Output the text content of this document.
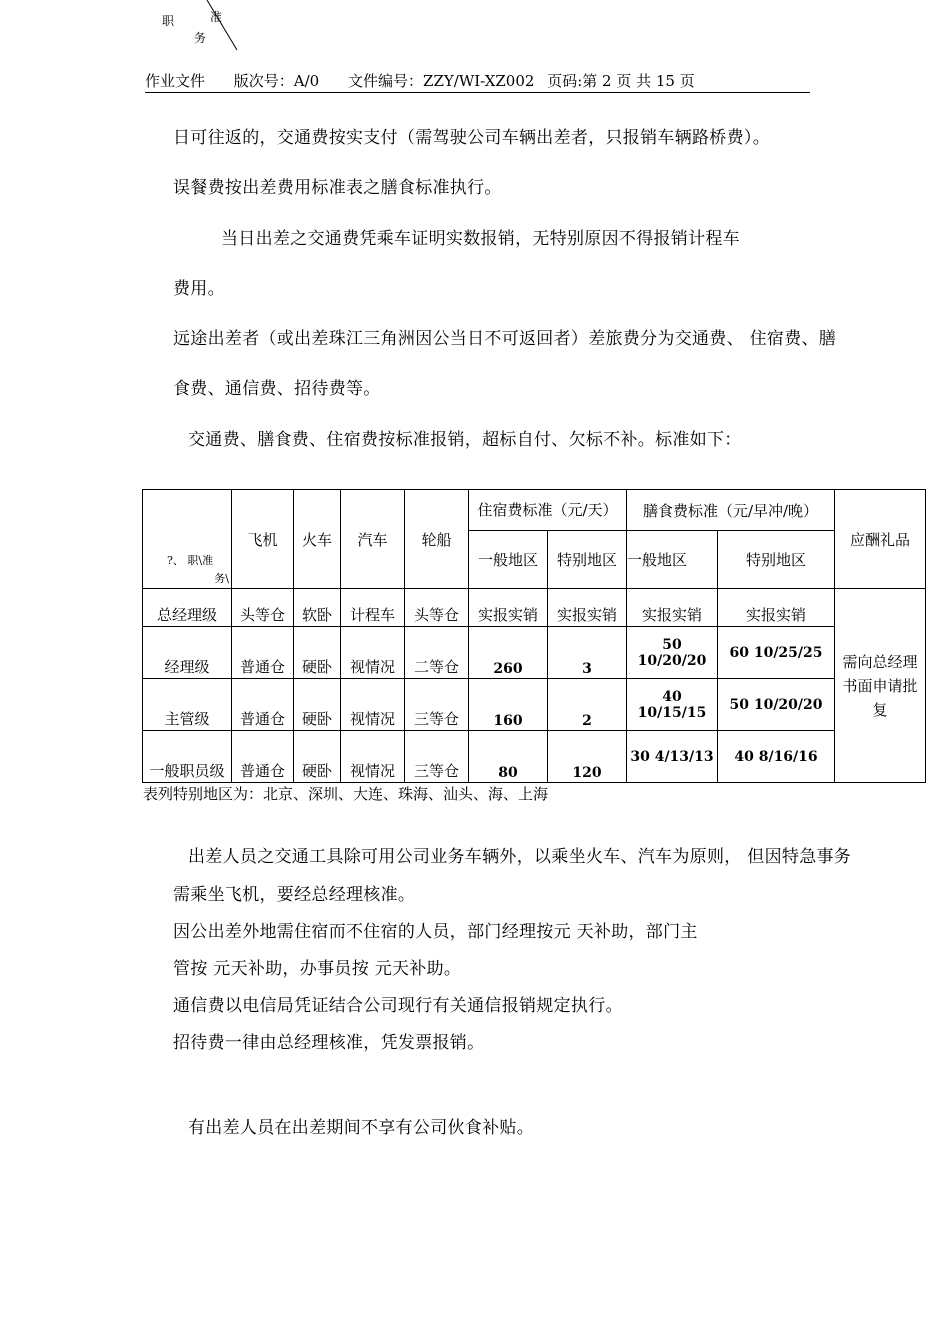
职	准
务
作业文件 版次号：A/0 文件编号：ZZY/WI-XZ002 页码:第 2 页 共 15 页
日可往返的，交通费按实支付（需驾驶公司车辆出差者，只报销车辆路桥费）。
误餐费按出差费用标准表之膳食标准执行。
当日出差之交通费凭乘车证明实数报销，无特别原因不得报销计程车
费用。
远途出差者（或出差珠江三角洲因公当日不可返回者）差旅费分为交通费、 住宿费、膳
食费、通信费、招待费等。
交通费、膳食费、住宿费按标准报销，超标自付、欠标不补。标准如下：
?、 职\准
务\	飞机	火车	汽车	轮船	住宿费标准（元/天）		膳食费标准（元/早冲/晚）		应酬礼品
					一般地区	特别地区	一般地区	特别地区	
总经理级	头等仓	软卧	计程车	头等仓	实报实销	实报实销	实报实销	实报实销	需向总经理书面申请批复
经理级	普通仓	硬卧	视情况	二等仓	260	3	50 10/20/20	60 10/25/25	
主管级	普通仓	硬卧	视情况	三等仓	160	2	40 10/15/15	50 10/20/20	
一般职员级	普通仓	硬卧	视情况	三等仓	80	120	30 4/13/13	40 8/16/16	
表列特别地区为：北京、深圳、大连、珠海、汕头、海、上海
出差人员之交通工具除可用公司业务车辆外，以乘坐火车、汽车为原则， 但因特急事务
需乘坐飞机，要经总经理核准。
因公出差外地需住宿而不住宿的人员，部门经理按元 天补助，部门主
管按 元天补助，办事员按 元天补助。
通信费以电信局凭证结合公司现行有关通信报销规定执行。
招待费一律由总经理核准，凭发票报销。
有出差人员在出差期间不享有公司伙食补贴。
